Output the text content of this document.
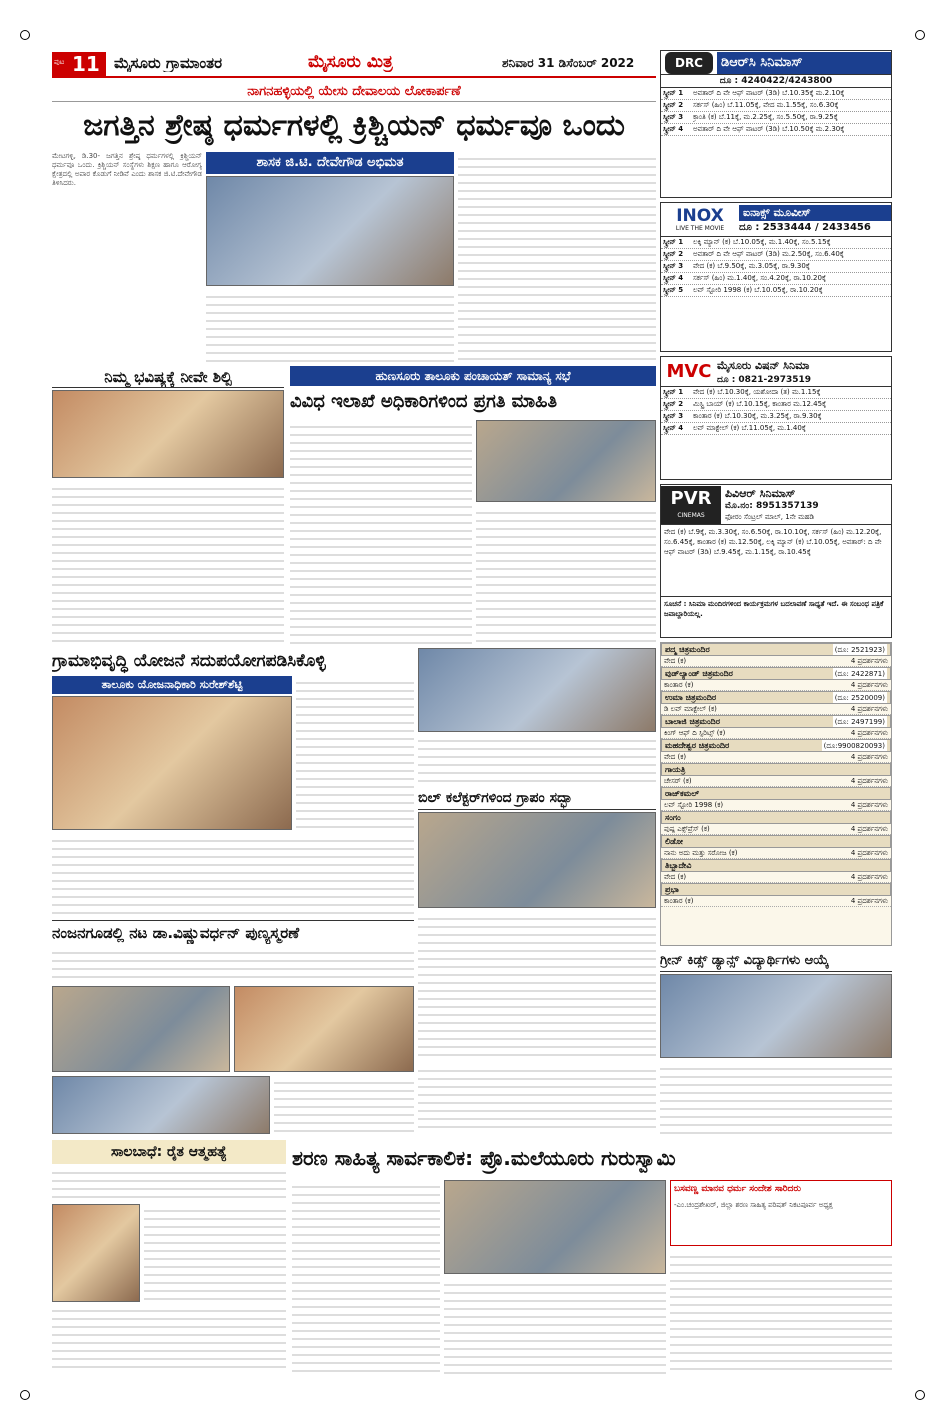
ಪುಟ 11 ಮೈಸೂರು ಗ್ರಾಮಾಂತರ	ಮೈಸೂರು ಮಿತ್ರ	ಶನಿವಾರ 31 ಡಿಸೆಂಬರ್ 2022
ನಾಗನಹಳ್ಳಿಯಲ್ಲಿ ಯೇಸು ದೇವಾಲಯ ಲೋಕಾರ್ಪಣೆ
ಜಗತ್ತಿನ ಶ್ರೇಷ್ಠ ಧರ್ಮಗಳಲ್ಲಿ ಕ್ರಿಶ್ಚಿಯನ್ ಧರ್ಮವೂ ಒಂದು
ಮೇಟಗಳ್ಳಿ, ಡಿ.30- ಜಗತ್ತಿನ ಶ್ರೇಷ್ಠ ಧರ್ಮಗಳಲ್ಲಿ ಕ್ರಿಶ್ಚಿಯನ್ ಧರ್ಮವೂ ಒಂದು. ಕ್ರಿಶ್ಚಿಯನ್ ಸಂಸ್ಥೆಗಳು ಶಿಕ್ಷಣ ಹಾಗೂ ಆರೋಗ್ಯ ಕ್ಷೇತ್ರದಲ್ಲಿ ಅಪಾರ ಕೊಡುಗೆ ನೀಡಿವೆ ಎಂದು ಶಾಸಕ ಜಿ.ಟಿ.ದೇವೇಗೌಡ ತಿಳಿಸಿದರು.
ಶಾಸಕ ಜಿ.ಟಿ. ದೇವೇಗೌಡ ಅಭಿಮತ
ನಿಮ್ಮ ಭವಿಷ್ಯಕ್ಕೆ ನೀವೇ ಶಿಲ್ಪಿ	ಹುಣಸೂರು ತಾಲೂಕು ಪಂಚಾಯತ್ ಸಾಮಾನ್ಯ ಸಭೆ
ವಿವಿಧ ಇಲಾಖೆ ಅಧಿಕಾರಿಗಳಿಂದ ಪ್ರಗತಿ ಮಾಹಿತಿ
ಗ್ರಾಮಾಭಿವೃದ್ಧಿ ಯೋಜನೆ ಸದುಪಯೋಗಪಡಿಸಿಕೊಳ್ಳಿ
ತಾಲೂಕು ಯೋಜನಾಧಿಕಾರಿ ಸುರೇಶ್‌ಶೆಟ್ಟಿ
ಬಿಲ್ ಕಲೆಕ್ಟರ್‌ಗಳಿಂದ ಗ್ರಾಪಂ ಸದ್ಭಾ
ನಂಜನಗೂಡಲ್ಲಿ ನಟ ಡಾ.ವಿಷ್ಣುವರ್ಧನ್ ಪುಣ್ಯಸ್ಮರಣೆ
ಗ್ರೀನ್ ಕಿಡ್ಸ್ ಡ್ಯಾನ್ಸ್ ವಿದ್ಯಾರ್ಥಿಗಳು ಆಯ್ಕೆ
ಸಾಲಬಾಧೆ: ರೈತ ಆತ್ಮಹತ್ಯೆ	ಶರಣ ಸಾಹಿತ್ಯ ಸಾರ್ವಕಾಲಿಕ: ಪ್ರೊ.ಮಲೆಯೂರು ಗುರುಸ್ವಾಮಿ
ಬಸವಣ್ಣ ಮಾನವ ಧರ್ಮ ಸಂದೇಶ ಸಾರಿದರು
-ಎಂ.ಚಂದ್ರಶೇಖರ್, ಜಿಲ್ಲಾ ಶರಣ ಸಾಹಿತ್ಯ ಪರಿಷತ್ ನಿಕಟಪೂರ್ವ ಅಧ್ಯಕ್ಷ
DRC	ಡಿಆರ್‌ಸಿ ಸಿನಿಮಾಸ್
ದೂ : 4240422/4243800
ಸ್ಕ್ರೀನ್ 1	ಅವತಾರ್ ದಿ ವೇ ಆಫ್ ವಾಟರ್ (3ಡಿ) ಬೆ.10.35ಕ್ಕೆ ಮ.2.10ಕ್ಕೆ
ಸ್ಕ್ರೀನ್ 2	ಸರ್ಕಸ್ (ಹಿಂ) ಬೆ.11.05ಕ್ಕೆ, ವೇದ ಮ.1.55ಕ್ಕೆ, ಸಂ.6.30ಕ್ಕೆ
ಸ್ಕ್ರೀನ್ 3	ಕ್ರಾಂತಿ (ಕ) ಬೆ.11ಕ್ಕೆ, ಮ.2.25ಕ್ಕೆ, ಸಂ.5.50ಕ್ಕೆ, ರಾ.9.25ಕ್ಕೆ
ಸ್ಕ್ರೀನ್ 4	ಅವತಾರ್ ದಿ ವೇ ಆಫ್ ವಾಟರ್ (3ಡಿ) ಬೆ.10.50ಕ್ಕೆ ಮ.2.30ಕ್ಕೆ
INOX
LIVE THE MOVIE
ಐನಾಕ್ಸ್ ಮೂವೀಸ್
ದೂ : 2533444 / 2433456
ಸ್ಕ್ರೀನ್ 1	ಲಕ್ಕಿ ಮ್ಯಾನ್ (ಕ) ಬೆ.10.05ಕ್ಕೆ, ಮ.1.40ಕ್ಕೆ, ಸಂ.5.15ಕ್ಕೆ
ಸ್ಕ್ರೀನ್ 2	ಅವತಾರ್ ದಿ ವೇ ಆಫ್ ವಾಟರ್ (3ಡಿ) ಮ.2.50ಕ್ಕೆ, ಸಂ.6.40ಕ್ಕೆ
ಸ್ಕ್ರೀನ್ 3	ವೇದ (ಕ) ಬೆ.9.50ಕ್ಕೆ, ಮ.3.05ಕ್ಕೆ, ರಾ.9.30ಕ್ಕೆ
ಸ್ಕ್ರೀನ್ 4	ಸರ್ಕಸ್ (ಹಿಂ) ಮ.1.40ಕ್ಕೆ, ಸಂ.4.20ಕ್ಕೆ, ರಾ.10.20ಕ್ಕೆ
ಸ್ಕ್ರೀನ್ 5	ಲವ್ ಸ್ಟೋರಿ 1998 (ಕ) ಬೆ.10.05ಕ್ಕೆ, ರಾ.10.20ಕ್ಕೆ
MVC ಮೈಸೂರು ವಿಷನ್ ಸಿನಿಮಾ
ದೂ : 0821-2973519
ಸ್ಕ್ರೀನ್ 1	ವೇದ (ಕ) ಬೆ.10.30ಕ್ಕೆ, ಯಶೋದಾ (ತ) ಮ.1.15ಕ್ಕೆ
ಸ್ಕ್ರೀನ್ 2	ಮಿಸ್ಟ್ರಿ ಬಾಯ್ (ಕ) ಬೆ.10.15ಕ್ಕೆ, ಕಾಂತಾರ ಮ.12.45ಕ್ಕೆ
ಸ್ಕ್ರೀನ್ 3	ಕಾಂತಾರ (ಕ) ಬೆ.10.30ಕ್ಕೆ, ಮ.3.25ಕ್ಕೆ, ರಾ.9.30ಕ್ಕೆ
ಸ್ಕ್ರೀನ್ 4	ಲವ್ ಮಾಕ್ಟೇಲ್ (ಕ) ಬೆ.11.05ಕ್ಕೆ, ಮ.1.40ಕ್ಕೆ
PVR
CINEMAS
ಪಿವಿಆರ್ ಸಿನಿಮಾಸ್
ಮೊ.ನಂ: 8951357139
ಫೋರಂ ಸೆಂಟ್ರಲ್ ಮಾಲ್, 1ನೇ ಮಹಡಿ
ವೇದ (ಕ) ಬೆ.9ಕ್ಕೆ, ಮ.3.30ಕ್ಕೆ, ಸಂ.6.50ಕ್ಕೆ, ರಾ.10.10ಕ್ಕೆ, ಸರ್ಕಸ್ (ಹಿಂ) ಮ.12.20ಕ್ಕೆ, ಸಂ.6.45ಕ್ಕೆ, ಕಾಂತಾರ (ಕ) ಮ.12.50ಕ್ಕೆ, ಲಕ್ಕಿ ಮ್ಯಾನ್ (ಕ) ಬೆ.10.05ಕ್ಕೆ, ಅವತಾರ್: ದಿ ವೇ ಆಫ್ ವಾಟರ್ (3ಡಿ) ಬೆ.9.45ಕ್ಕೆ, ಮ.1.15ಕ್ಕೆ, ರಾ.10.45ಕ್ಕೆ
ಸೂಚನೆ : ಸಿನಿಮಾ ಮಂದಿರಗಳಿಂದ ಕಾರ್ಯಕ್ರಮಗಳ ಬದಲಾವಣೆ ಸಾಧ್ಯತೆ ಇದೆ. ಈ ಸಂಬಂಧ ಪತ್ರಿಕೆ ಜವಾಬ್ದಾರಿಯಲ್ಲ.
ಪದ್ಮ ಚಿತ್ರಮಂದಿರ	(ದೂ: 2521923)
ವೇದ (ಕ)	4 ಪ್ರದರ್ಶನಗಳು
ವುಡ್‌ಲ್ಯಾಂಡ್ ಚಿತ್ರಮಂದಿರ	(ದೂ: 2422871)
ಕಾಂತಾರ (ಕ)	4 ಪ್ರದರ್ಶನಗಳು
ಉಮಾ ಚಿತ್ರಮಂದಿರ	(ದೂ: 2520009)
ಡಿ ಲವ್ ಮಾಕ್ಟೇಲ್ (ಕ)	4 ಪ್ರದರ್ಶನಗಳು
ಬಾಲಾಜಿ ಚಿತ್ರಮಂದಿರ	(ದೂ: 2497199)
ಕಿಂಗ್ ಆಫ್ ದಿ ಸ್ಪಿರಿಟ್ಸ್ (ಕ)	4 ಪ್ರದರ್ಶನಗಳು
ಮಹದೇಶ್ವರ ಚಿತ್ರಮಂದಿರ	(ದೂ:9900820093)
ವೇದ (ಕ)	4 ಪ್ರದರ್ಶನಗಳು
ಗಾಯತ್ರಿ
ಚೇಸರ್ (ಕ)	4 ಪ್ರದರ್ಶನಗಳು
ರಾಜ್‌ಕಮಲ್
ಲವ್ ಸ್ಟೋರಿ 1998 (ಕ)	4 ಪ್ರದರ್ಶನಗಳು
ಸಂಗಂ
ಪುಷ್ಪ ಎಕ್ಸ್‌ಪ್ರೆಸ್ (ಕ)	4 ಪ್ರದರ್ಶನಗಳು
ಲಿಡೋ
ನಾನು ಅದು ಮತ್ತು ಸರೋಜ (ಕ)	4 ಪ್ರದರ್ಶನಗಳು
ತಿಬ್ಬಾದೇವಿ
ವೇದ (ಕ)	4 ಪ್ರದರ್ಶನಗಳು
ಪ್ರಭಾ
ಕಾಂತಾರ (ಕ)	4 ಪ್ರದರ್ಶನಗಳು
